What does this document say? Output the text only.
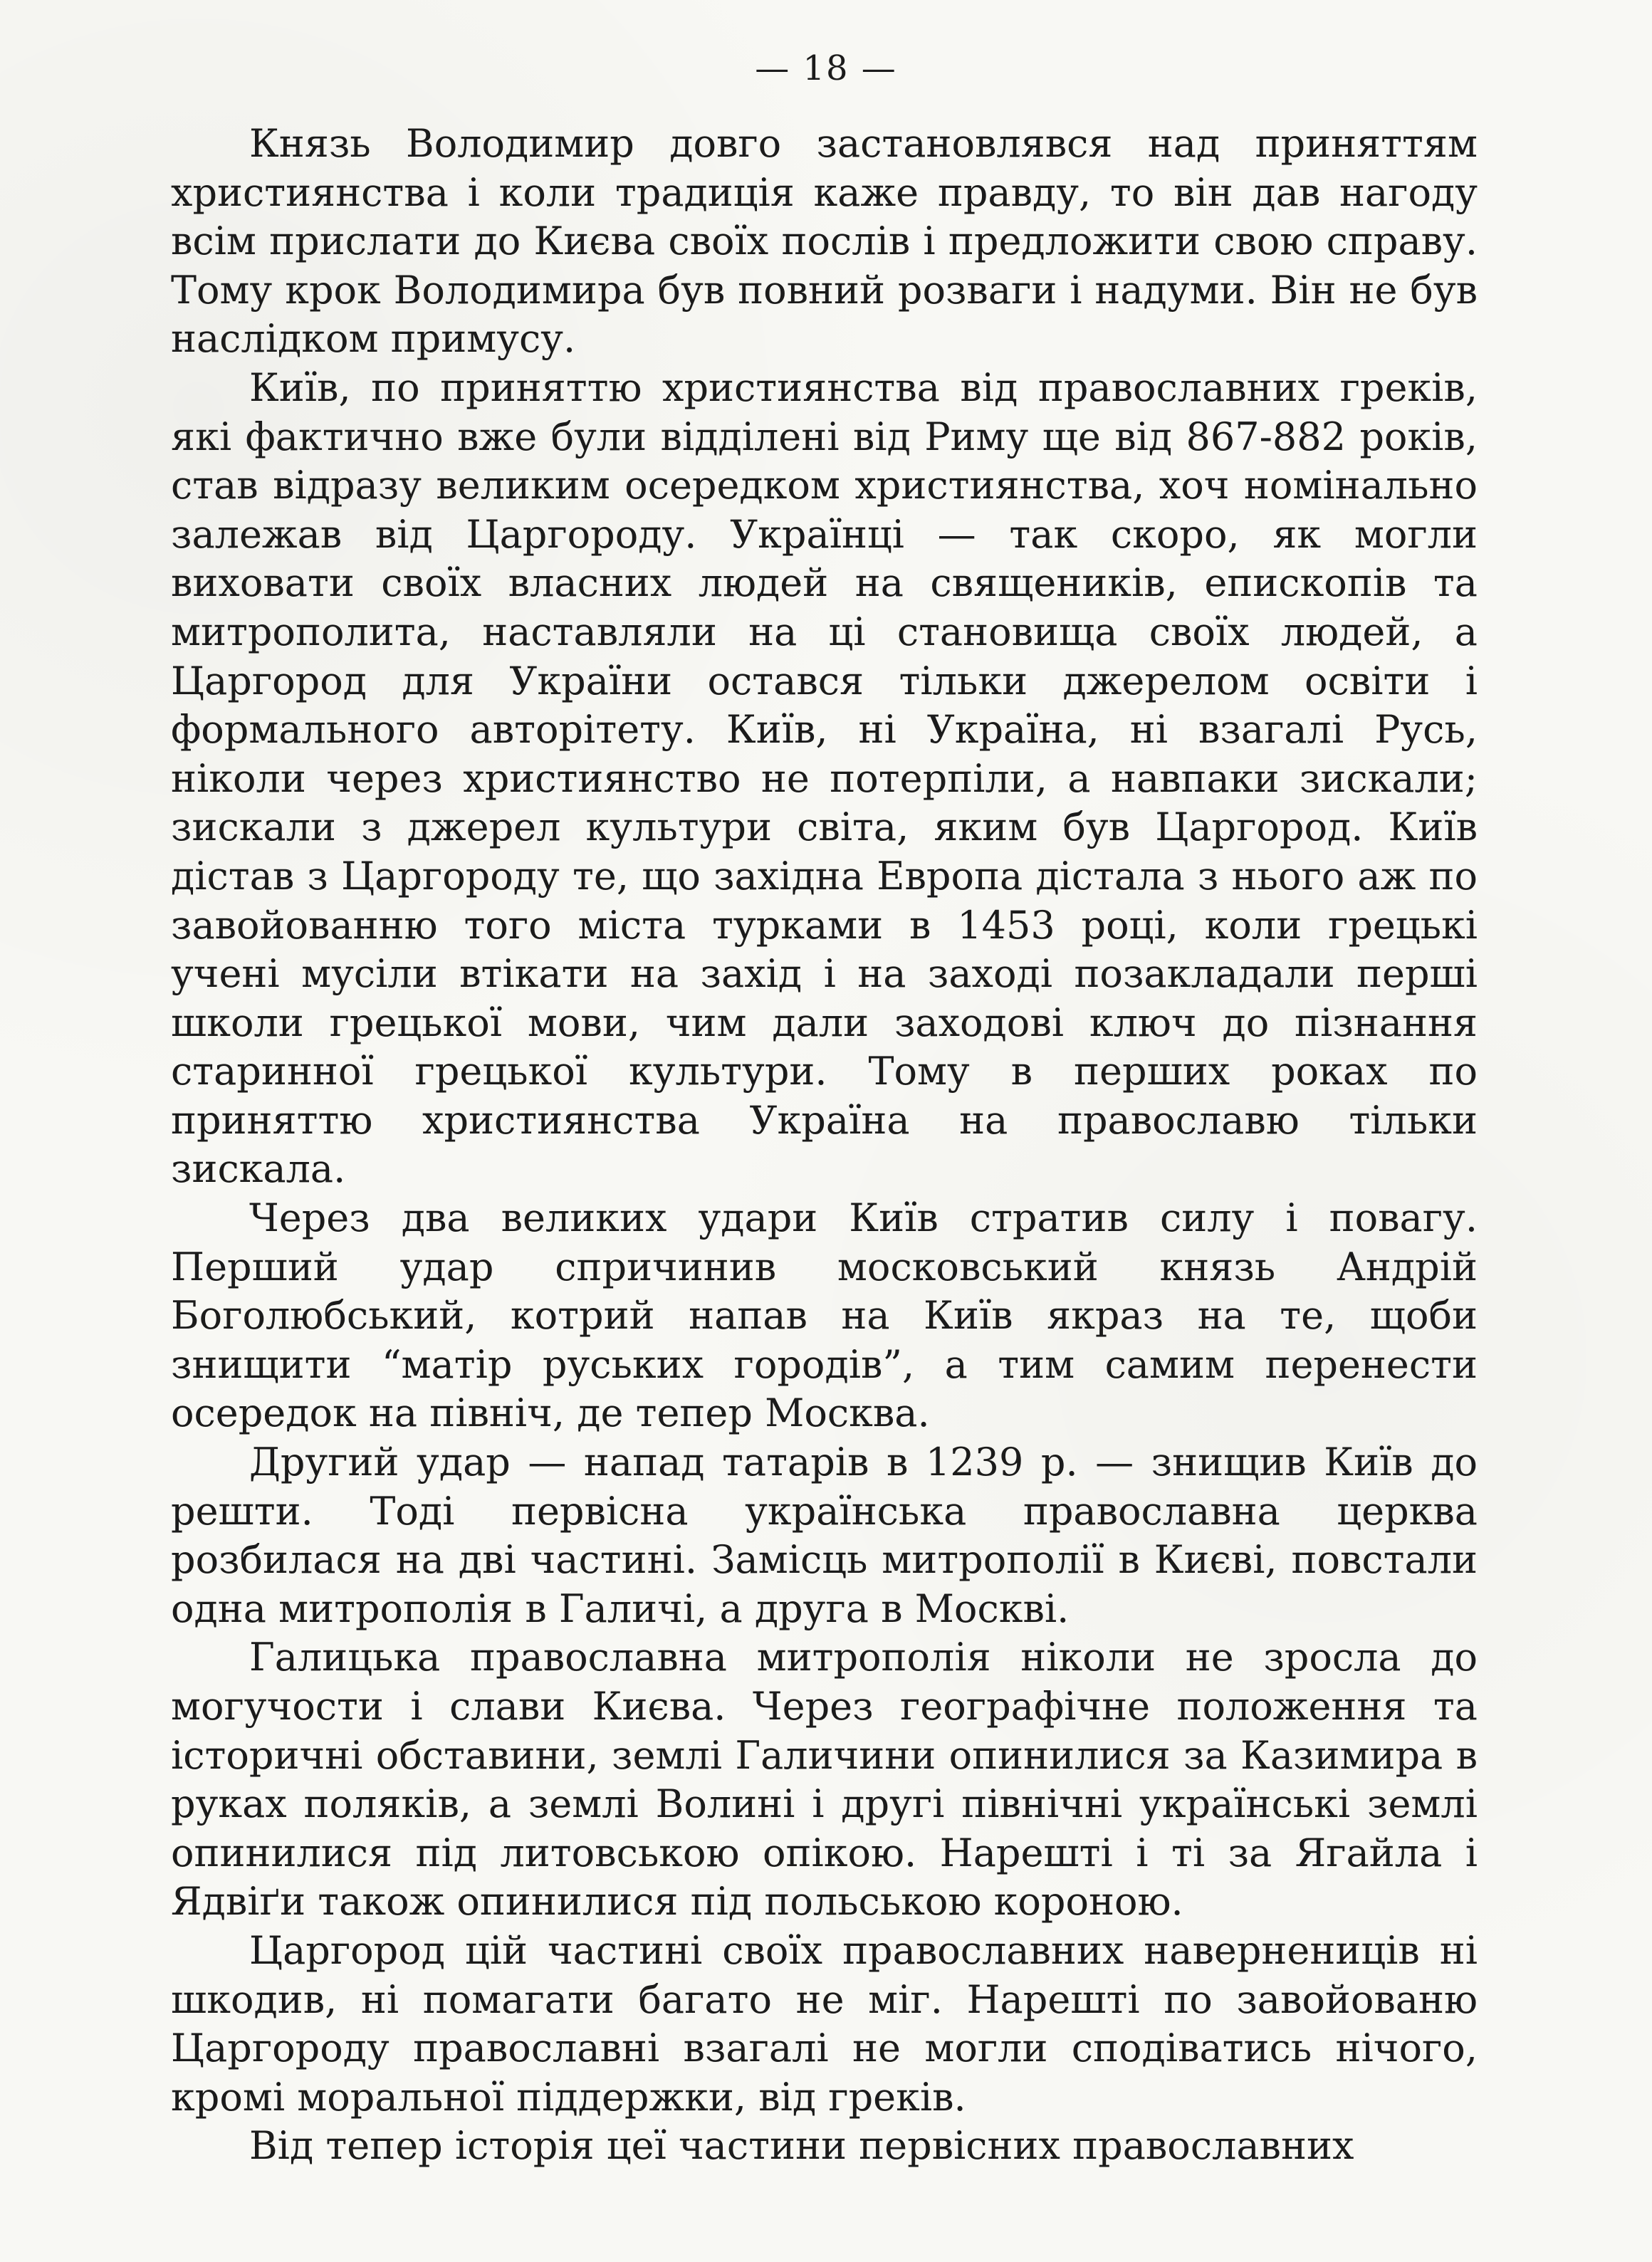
— 18 —

Князь Володимир довго застановлявся над приняттям християнства і коли традиція каже правду, то він дав нагоду всім прислати до Києва своїх послів і предложити свою справу. Тому крок Володимира був повний розваги і надуми. Він не був наслідком примусу.

Київ, по приняттю християнства від православних греків, які фактично вже були відділені від Риму ще від 867-882 років, став відразу великим осередком християнства, хоч номінально залежав від Царгороду. Українці — так скоро, як могли виховати своїх власних людей на священиків, епископів та митрополита, наставляли на ці становища своїх людей, а Царгород для України остався тільки джерелом освіти і формального авторітету. Київ, ні Україна, ні взагалі Русь, ніколи через християнство не потерпіли, а навпаки зискали; зискали з джерел культури світа, яким був Царгород. Київ дістав з Царгороду те, що західна Европа дістала з нього аж по завойованню того міста турками в 1453 році, коли грецькі учені мусіли втікати на захід і на заході позакладали перші школи грецької мови, чим дали заходові ключ до пізнання старинної грецької культури. Тому в перших роках по приняттю християнства Україна на православю тільки зискала.

Через два великих удари Київ стратив силу і повагу. Перший удар спричинив московський князь Андрій Боголюбський, котрий напав на Київ якраз на те, щоби знищити “матір руських городів”, а тим самим перенести осередок на північ, де тепер Москва.

Другий удар — напад татарів в 1239 р. — знищив Київ до решти. Тоді первісна українська православна церква розбилася на дві частині. Замісць митрополії в Києві, повстали одна митрополія в Галичі, а друга в Москві.

Галицька православна митрополія ніколи не зросла до могучости і слави Києва. Через географічне положення та історичні обставини, землі Галичини опинилися за Казимира в руках поляків, а землі Волині і другі північні українські землі опинилися під литовською опікою. Нарешті і ті за Ягайла і Ядвіґи також опинилися під польською короною.

Царгород цій частині своїх православних навернениців ні шкодив, ні помагати багато не міг. Нарешті по завойованю Царгороду православні взагалі не могли сподіватись нічого, кромі моральної піддержки, від греків.

Від тепер історія цеї частини первісних православних
